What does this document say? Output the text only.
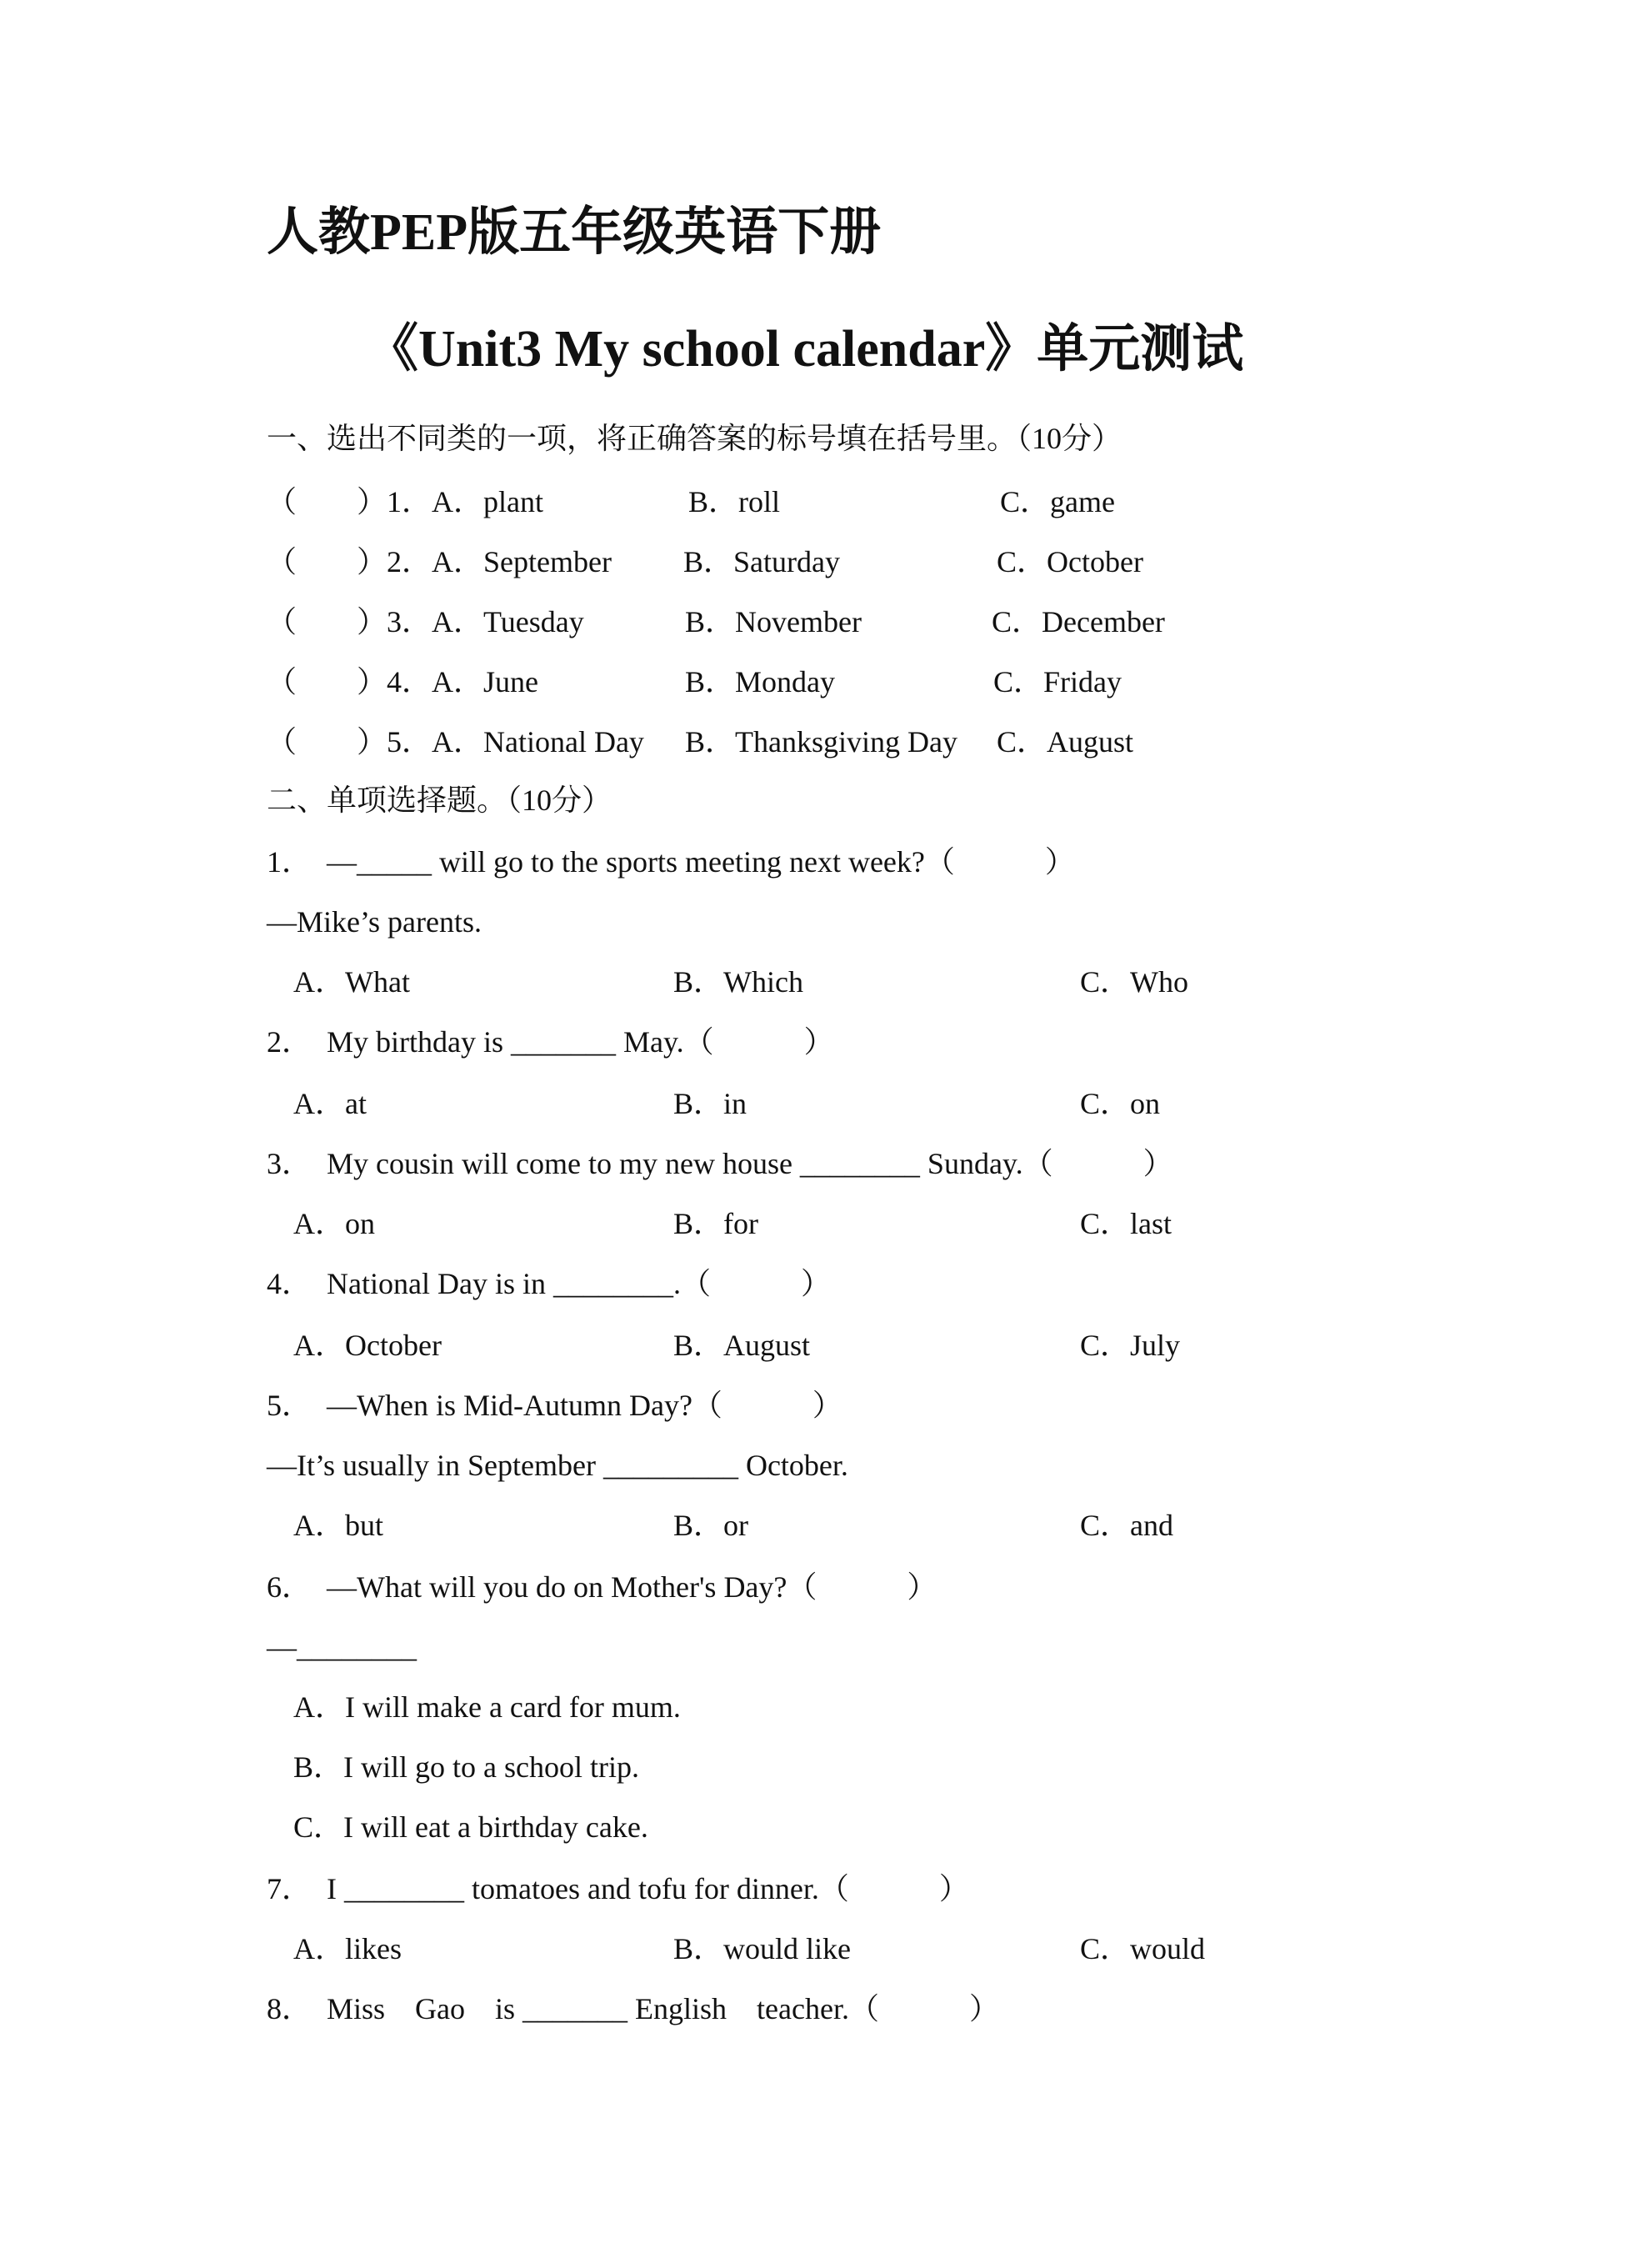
人教PEP版五年级英语下册
《Unit3 My school calendar》单元测试
一、选出不同类的一项，将正确答案的标号填在括号里。（10分）
（　　）1．A．plant	B．roll	C．game
（　　）2．A．September B．Saturday	C．October
（　　）3．A．Tuesday	B．November	C．December
（　　）4．A．June	B．Monday	C．Friday
（　　）5．A．National Day B．Thanksgiving Day C．August
二、单项选择题。（10分）
1．　—_____ will go to the sports meeting next week?（　　　）
—Mike’s parents.
A．What	B．Which	C．Who
2．　My birthday is _______ May.（　　　）
A．at	B．in	C．on
3．　My cousin will come to my new house ________ Sunday.（　　　）
A．on	B．for	C．last
4．　National Day is in ________.（　　　）
A．October	B．August	C．July
5．　—When is Mid-Autumn Day?（　　　）
—It’s usually in September _________ October.
A．but	B．or	C．and
6．　—What will you do on Mother's Day?（　　　）
—________
A．I will make a card for mum.
B．I will go to a school trip.
C．I will eat a birthday cake.
7．　I ________ tomatoes and tofu for dinner.（　　　）
A．likes	B．would like	C．would
8．　Miss　Gao　is _______ English　teacher.（　　　）
